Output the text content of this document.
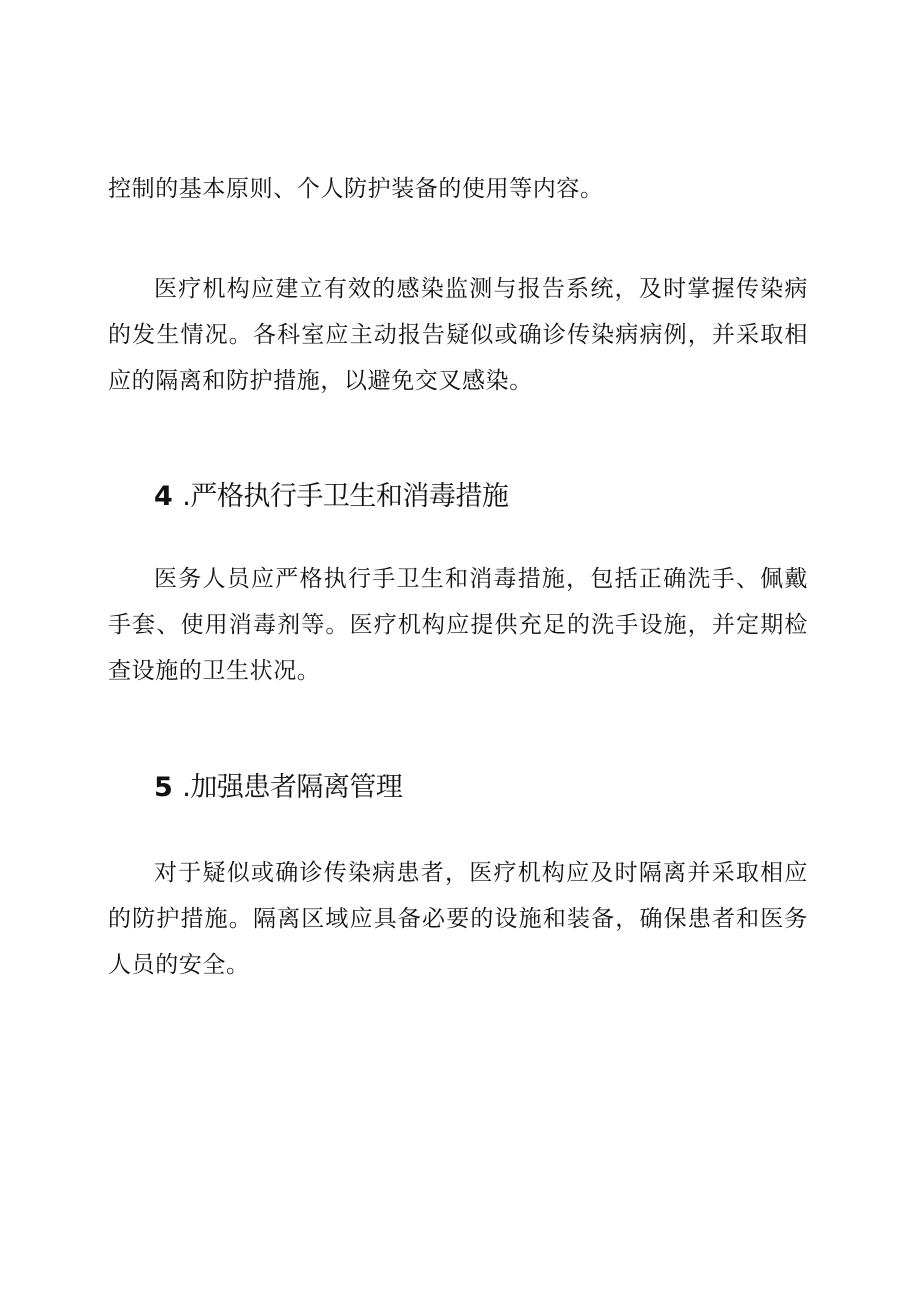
控制的基本原则、个人防护装备的使用等内容。

医疗机构应建立有效的感染监测与报告系统，及时掌握传染病的发生情况。各科室应主动报告疑似或确诊传染病病例，并采取相应的隔离和防护措施，以避免交叉感染。

4 .严格执行手卫生和消毒措施

医务人员应严格执行手卫生和消毒措施，包括正确洗手、佩戴手套、使用消毒剂等。医疗机构应提供充足的洗手设施，并定期检查设施的卫生状况。

5 .加强患者隔离管理

对于疑似或确诊传染病患者，医疗机构应及时隔离并采取相应的防护措施。隔离区域应具备必要的设施和装备，确保患者和医务人员的安全。
